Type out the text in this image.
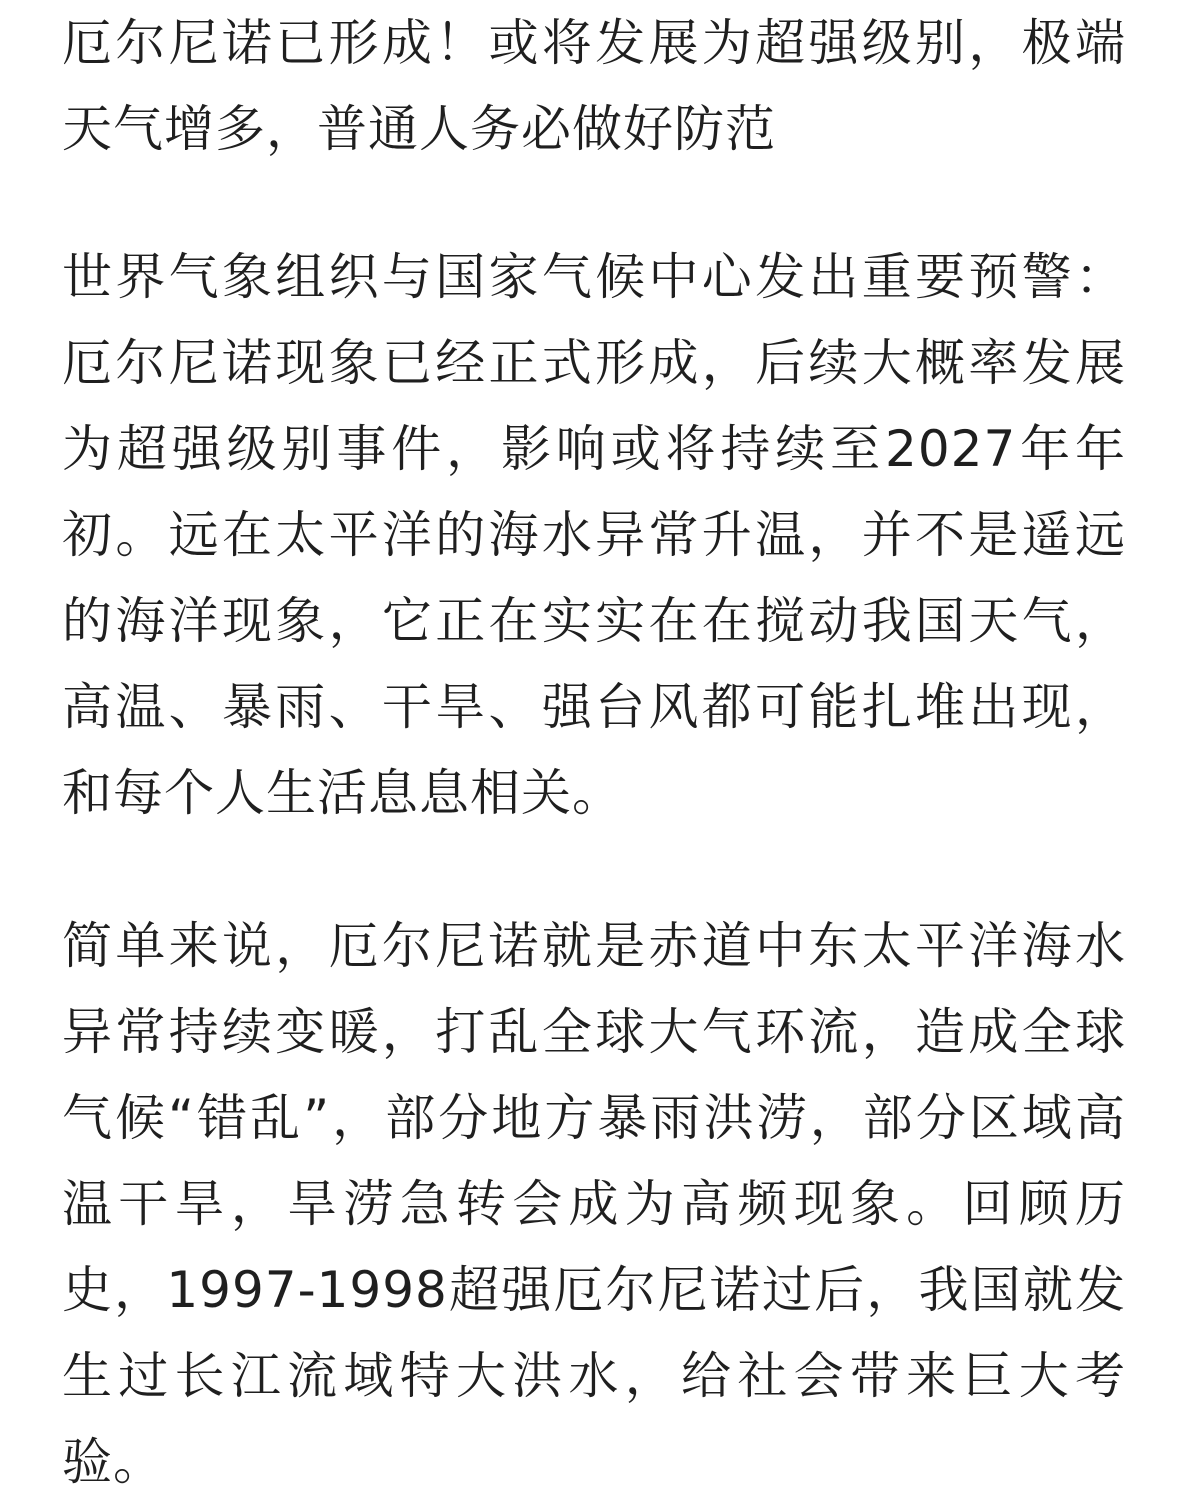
厄尔尼诺已形成！或将发展为超强级别，极端天气增多，普通人务必做好防范

世界气象组织与国家气候中心发出重要预警：厄尔尼诺现象已经正式形成，后续大概率发展为超强级别事件，影响或将持续至2027年年初。远在太平洋的海水异常升温，并不是遥远的海洋现象，它正在实实在在搅动我国天气，高温、暴雨、干旱、强台风都可能扎堆出现，和每个人生活息息相关。

简单来说，厄尔尼诺就是赤道中东太平洋海水异常持续变暖，打乱全球大气环流，造成全球气候“错乱”，部分地方暴雨洪涝，部分区域高温干旱，旱涝急转会成为高频现象。回顾历史，1997-1998超强厄尔尼诺过后，我国就发生过长江流域特大洪水，给社会带来巨大考验。
